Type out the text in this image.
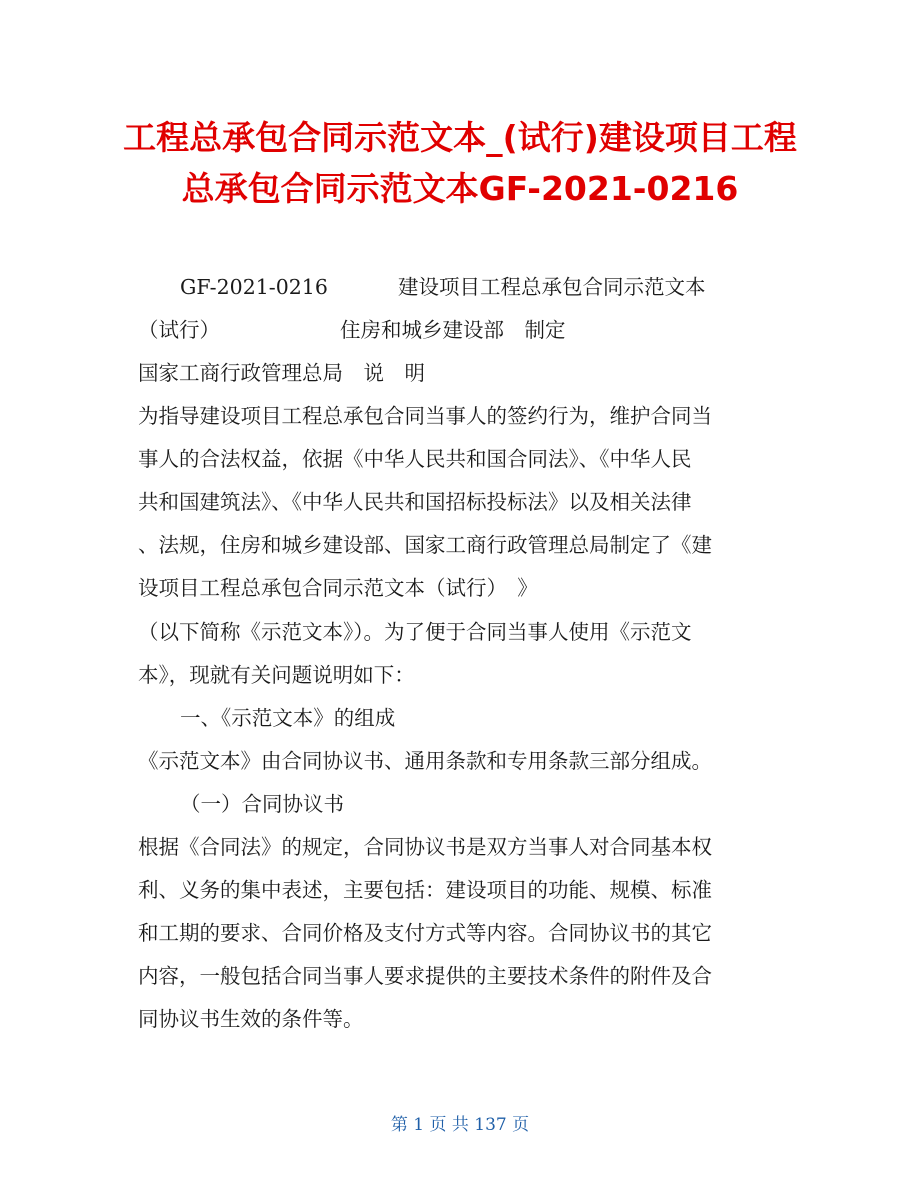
工程总承包合同示范文本_(试行)建设项目工程
总承包合同示范文本GF-2021-0216
GF-2021-0216	建设项目工程总承包合同示范文本
（试行）	住房和城乡建设部　制定
国家工商行政管理总局　说　明
为指导建设项目工程总承包合同当事人的签约行为，维护合同当
事人的合法权益，依据《中华人民共和国合同法》、《中华人民
共和国建筑法》、《中华人民共和国招标投标法》以及相关法律
、法规，住房和城乡建设部、国家工商行政管理总局制定了《建
设项目工程总承包合同示范文本（试行）　》
（以下简称《示范文本》）。为了便于合同当事人使用《示范文
本》，现就有关问题说明如下：
一、《示范文本》的组成
《示范文本》由合同协议书、通用条款和专用条款三部分组成。
（一）合同协议书
根据《合同法》的规定，合同协议书是双方当事人对合同基本权
利、义务的集中表述，主要包括：建设项目的功能、规模、标准
和工期的要求、合同价格及支付方式等内容。合同协议书的其它
内容，一般包括合同当事人要求提供的主要技术条件的附件及合
同协议书生效的条件等。
第 1 页 共 137 页
